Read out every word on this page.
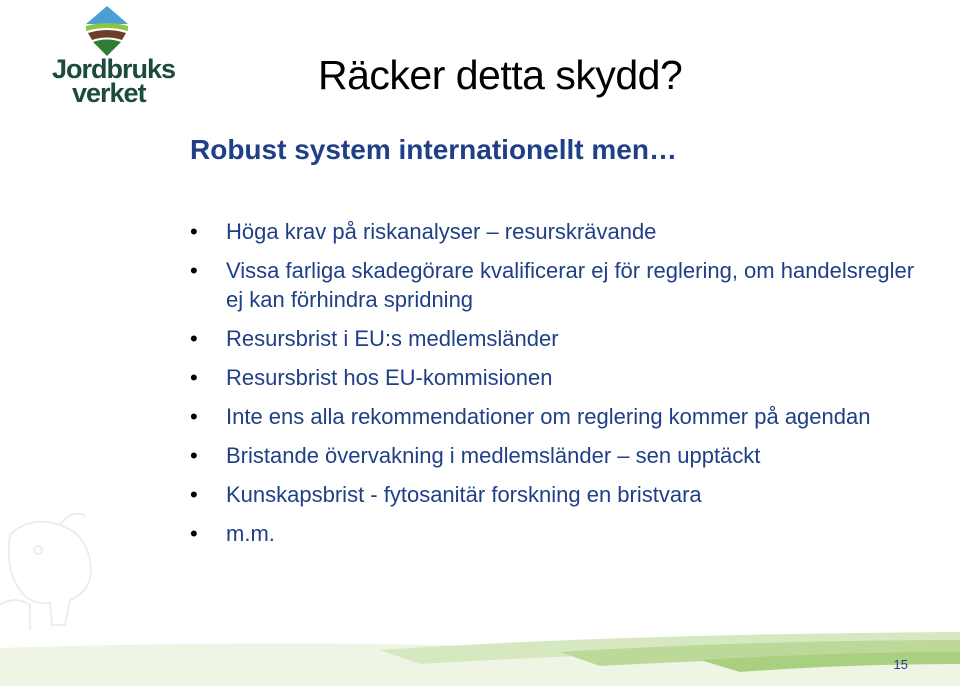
Jordbruks
verket	Räcker detta skydd?
Robust system internationellt men…
• Höga krav på riskanalyser – resurskrävande
• Vissa farliga skadegörare kvalificerar ej för reglering, om handelsregler ej kan förhindra spridning
• Resursbrist i EU:s medlemsländer
• Resursbrist hos EU-kommisionen
• Inte ens alla rekommendationer om reglering kommer på agendan
• Bristande övervakning i medlemsländer – sen upptäckt
• Kunskapsbrist - fytosanitär forskning en bristvara
• m.m.
15
